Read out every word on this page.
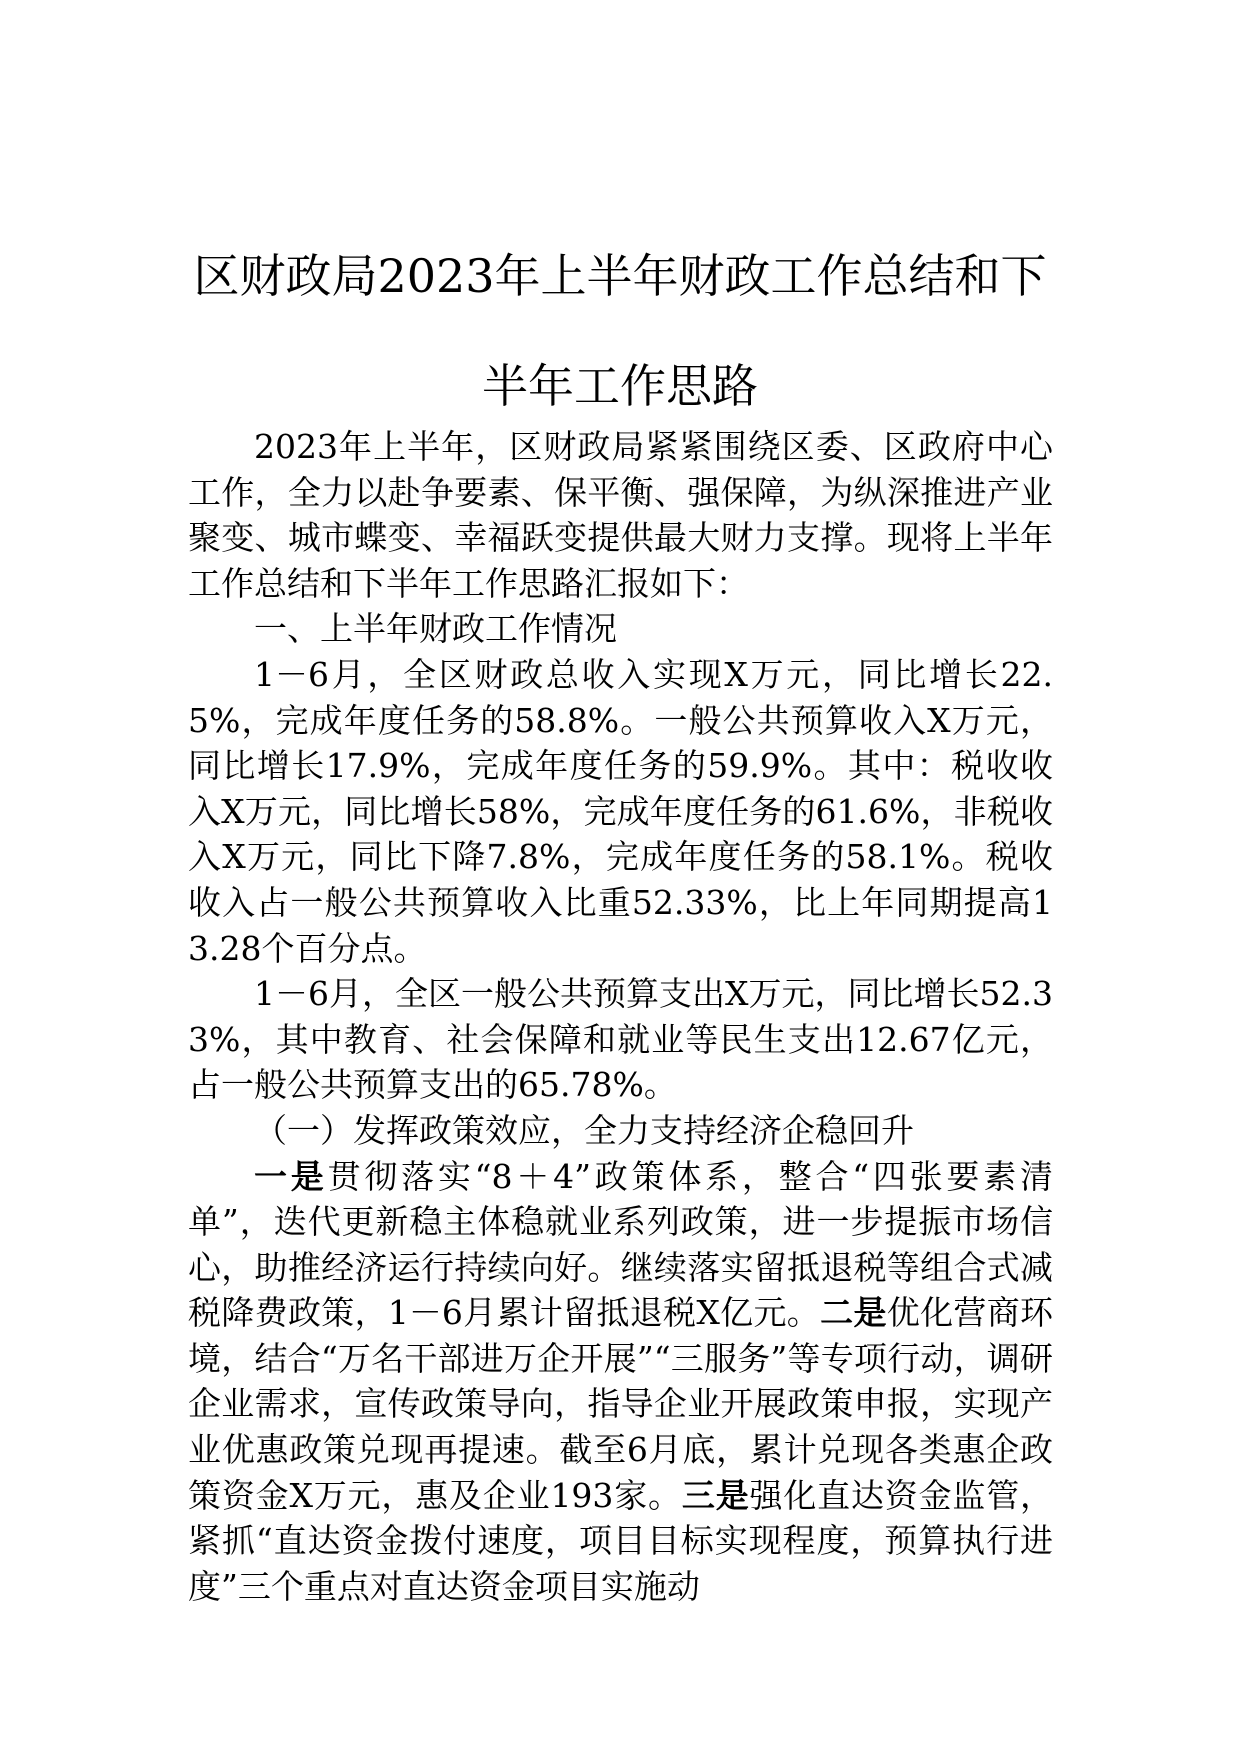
区财政局2023年上半年财政工作总结和下
半年工作思路

2023年上半年，区财政局紧紧围绕区委、区政府中心工作，全力以赴争要素、保平衡、强保障，为纵深推进产业聚变、城市蝶变、幸福跃变提供最大财力支撑。现将上半年工作总结和下半年工作思路汇报如下：

一、上半年财政工作情况

1－6月，全区财政总收入实现X万元，同比增长22.5%，完成年度任务的58.8%。一般公共预算收入X万元，同比增长17.9%，完成年度任务的59.9%。其中：税收收入X万元，同比增长58%，完成年度任务的61.6%，非税收入X万元，同比下降7.8%，完成年度任务的58.1%。税收收入占一般公共预算收入比重52.33%，比上年同期提高13.28个百分点。

1－6月，全区一般公共预算支出X万元，同比增长52.33%，其中教育、社会保障和就业等民生支出12.67亿元，占一般公共预算支出的65.78%。

（一）发挥政策效应，全力支持经济企稳回升

一是贯彻落实“8＋4”政策体系，整合“四张要素清单”，迭代更新稳主体稳就业系列政策，进一步提振市场信心，助推经济运行持续向好。继续落实留抵退税等组合式减税降费政策，1－6月累计留抵退税X亿元。二是优化营商环境，结合“万名干部进万企开展”“三服务”等专项行动，调研企业需求，宣传政策导向，指导企业开展政策申报，实现产业优惠政策兑现再提速。截至6月底，累计兑现各类惠企政策资金X万元，惠及企业193家。三是强化直达资金监管，紧抓“直达资金拨付速度，项目目标实现程度，预算执行进度”三个重点对直达资金项目实施动
